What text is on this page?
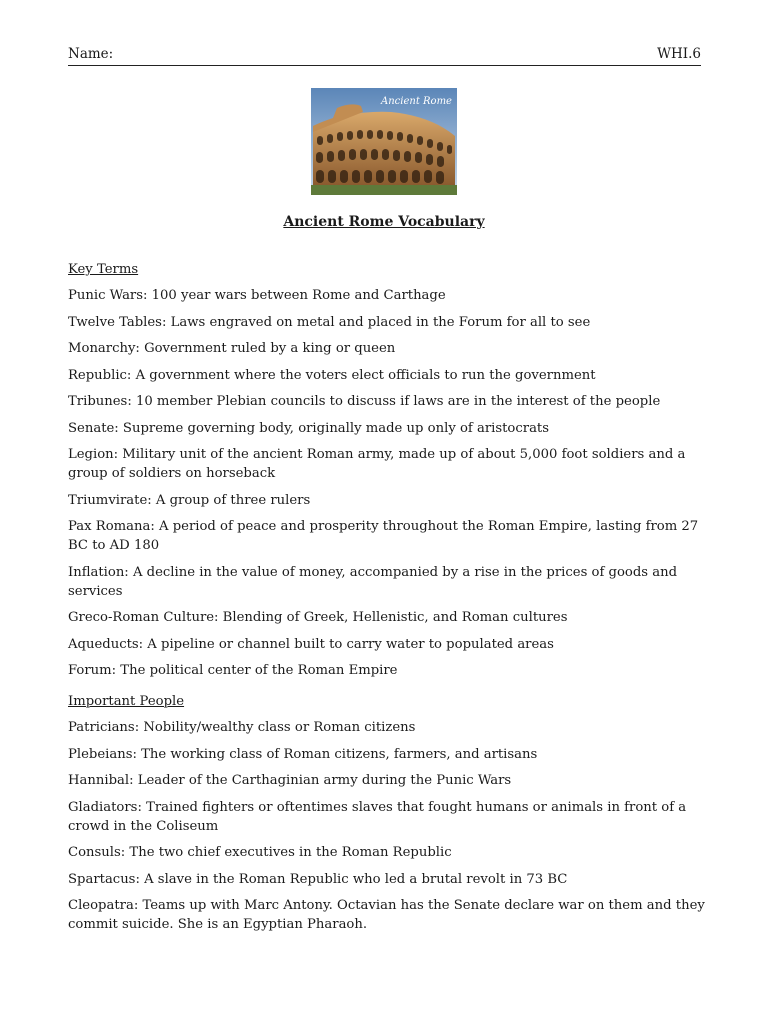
Name:	WHI.6
Ancient Rome
Ancient Rome Vocabulary
Key Terms
Punic Wars: 100 year wars between Rome and Carthage
Twelve Tables: Laws engraved on metal and placed in the Forum for all to see
Monarchy: Government ruled by a king or queen
Republic: A government where the voters elect officials to run the government
Tribunes: 10 member Plebian councils to discuss if laws are in the interest of the people
Senate: Supreme governing body, originally made up only of aristocrats
Legion: Military unit of the ancient Roman army, made up of about 5,000 foot soldiers and a group of soldiers on horseback
Triumvirate: A group of three rulers
Pax Romana: A period of peace and prosperity throughout the Roman Empire, lasting from 27 BC to AD 180
Inflation: A decline in the value of money, accompanied by a rise in the prices of goods and services
Greco-Roman Culture: Blending of Greek, Hellenistic, and Roman cultures
Aqueducts: A pipeline or channel built to carry water to populated areas
Forum: The political center of the Roman Empire
Important People
Patricians: Nobility/wealthy class or Roman citizens
Plebeians: The working class of Roman citizens, farmers, and artisans
Hannibal: Leader of the Carthaginian army during the Punic Wars
Gladiators: Trained fighters or oftentimes slaves that fought humans or animals in front of a crowd in the Coliseum
Consuls: The two chief executives in the Roman Republic
Spartacus: A slave in the Roman Republic who led a brutal revolt in 73 BC
Cleopatra: Teams up with Marc Antony. Octavian has the Senate declare war on them and they commit suicide. She is an Egyptian Pharaoh.
